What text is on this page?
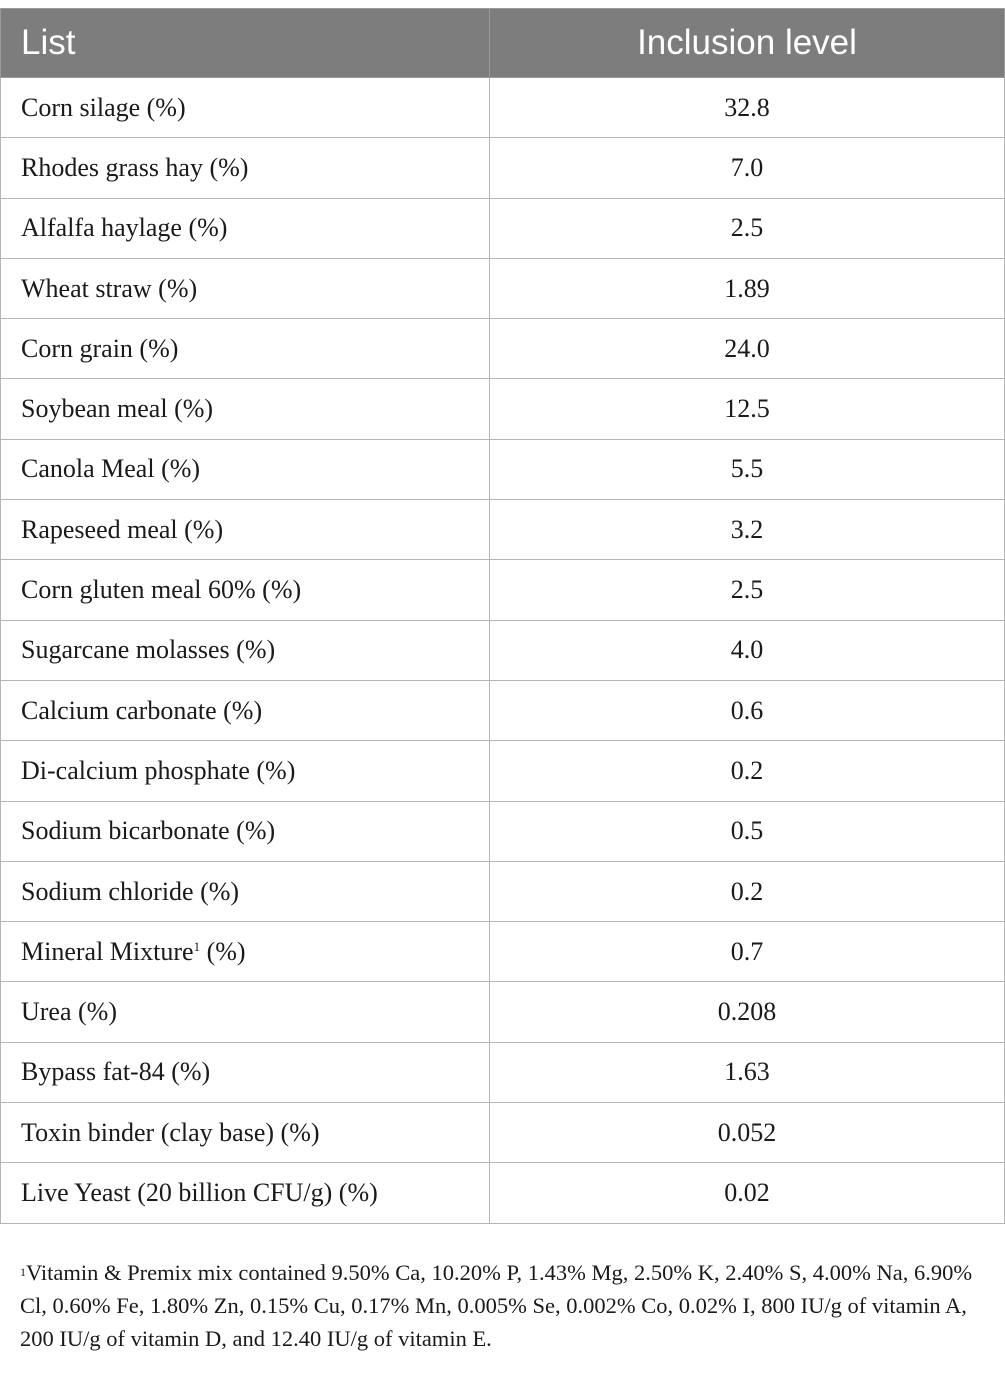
List	Inclusion level
Corn silage (%)	32.8
Rhodes grass hay (%)	7.0
Alfalfa haylage (%)	2.5
Wheat straw (%)	1.89
Corn grain (%)	24.0
Soybean meal (%)	12.5
Canola Meal (%)	5.5
Rapeseed meal (%)	3.2
Corn gluten meal 60% (%)	2.5
Sugarcane molasses (%)	4.0
Calcium carbonate (%)	0.6
Di-calcium phosphate (%)	0.2
Sodium bicarbonate (%)	0.5
Sodium chloride (%)	0.2
Mineral Mixture$^1$ (%)	0.7
Urea (%)	0.208
Bypass fat-84 (%)	1.63
Toxin binder (clay base) (%)	0.052
Live Yeast (20 billion CFU/g) (%)	0.02
$^1$Vitamin & Premix mix contained 9.50% Ca, 10.20% P, 1.43% Mg, 2.50% K, 2.40% S, 4.00% Na, 6.90% Cl, 0.60% Fe, 1.80% Zn, 0.15% Cu, 0.17% Mn, 0.005% Se, 0.002% Co, 0.02% I, 800 IU/g of vitamin A, 200 IU/g of vitamin D, and 12.40 IU/g of vitamin E.
